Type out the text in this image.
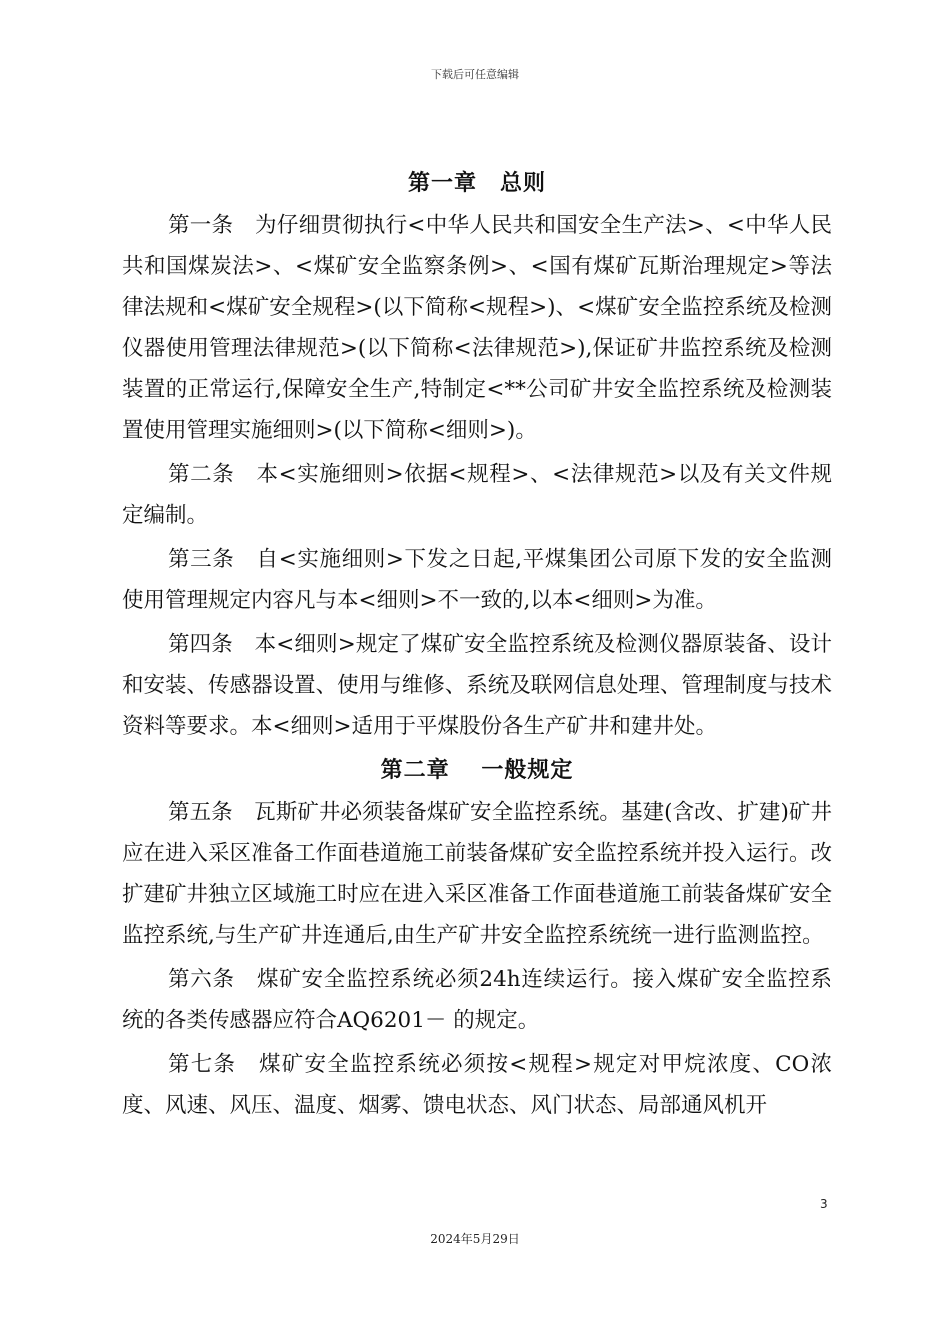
下载后可任意编辑
第一章　总则

第一条　为仔细贯彻执行<中华人民共和国安全生产法>、<中华人民共和国煤炭法>、<煤矿安全监察条例>、<国有煤矿瓦斯治理规定>等法律法规和<煤矿安全规程>(以下简称<规程>)、<煤矿安全监控系统及检测仪器使用管理法律规范>(以下简称<法律规范>),保证矿井监控系统及检测装置的正常运行,保障安全生产,特制定<**公司矿井安全监控系统及检测装置使用管理实施细则>(以下简称<细则>)。

第二条　本<实施细则>依据<规程>、<法律规范>以及有关文件规定编制。

第三条　自<实施细则>下发之日起,平煤集团公司原下发的安全监测使用管理规定内容凡与本<细则>不一致的,以本<细则>为准。

第四条　本<细则>规定了煤矿安全监控系统及检测仪器原装备、设计和安装、传感器设置、使用与维修、系统及联网信息处理、管理制度与技术资料等要求。本<细则>适用于平煤股份各生产矿井和建井处。

第二章　 一般规定

第五条　瓦斯矿井必须装备煤矿安全监控系统。基建(含改、扩建)矿井应在进入采区准备工作面巷道施工前装备煤矿安全监控系统并投入运行。改扩建矿井独立区域施工时应在进入采区准备工作面巷道施工前装备煤矿安全监控系统,与生产矿井连通后,由生产矿井安全监控系统统一进行监测监控。

第六条　煤矿安全监控系统必须24h连续运行。接入煤矿安全监控系统的各类传感器应符合AQ6201－ 的规定。

第七条　煤矿安全监控系统必须按<规程>规定对甲烷浓度、CO浓度、风速、风压、温度、烟雾、馈电状态、风门状态、局部通风机开

3
2024年5月29日
